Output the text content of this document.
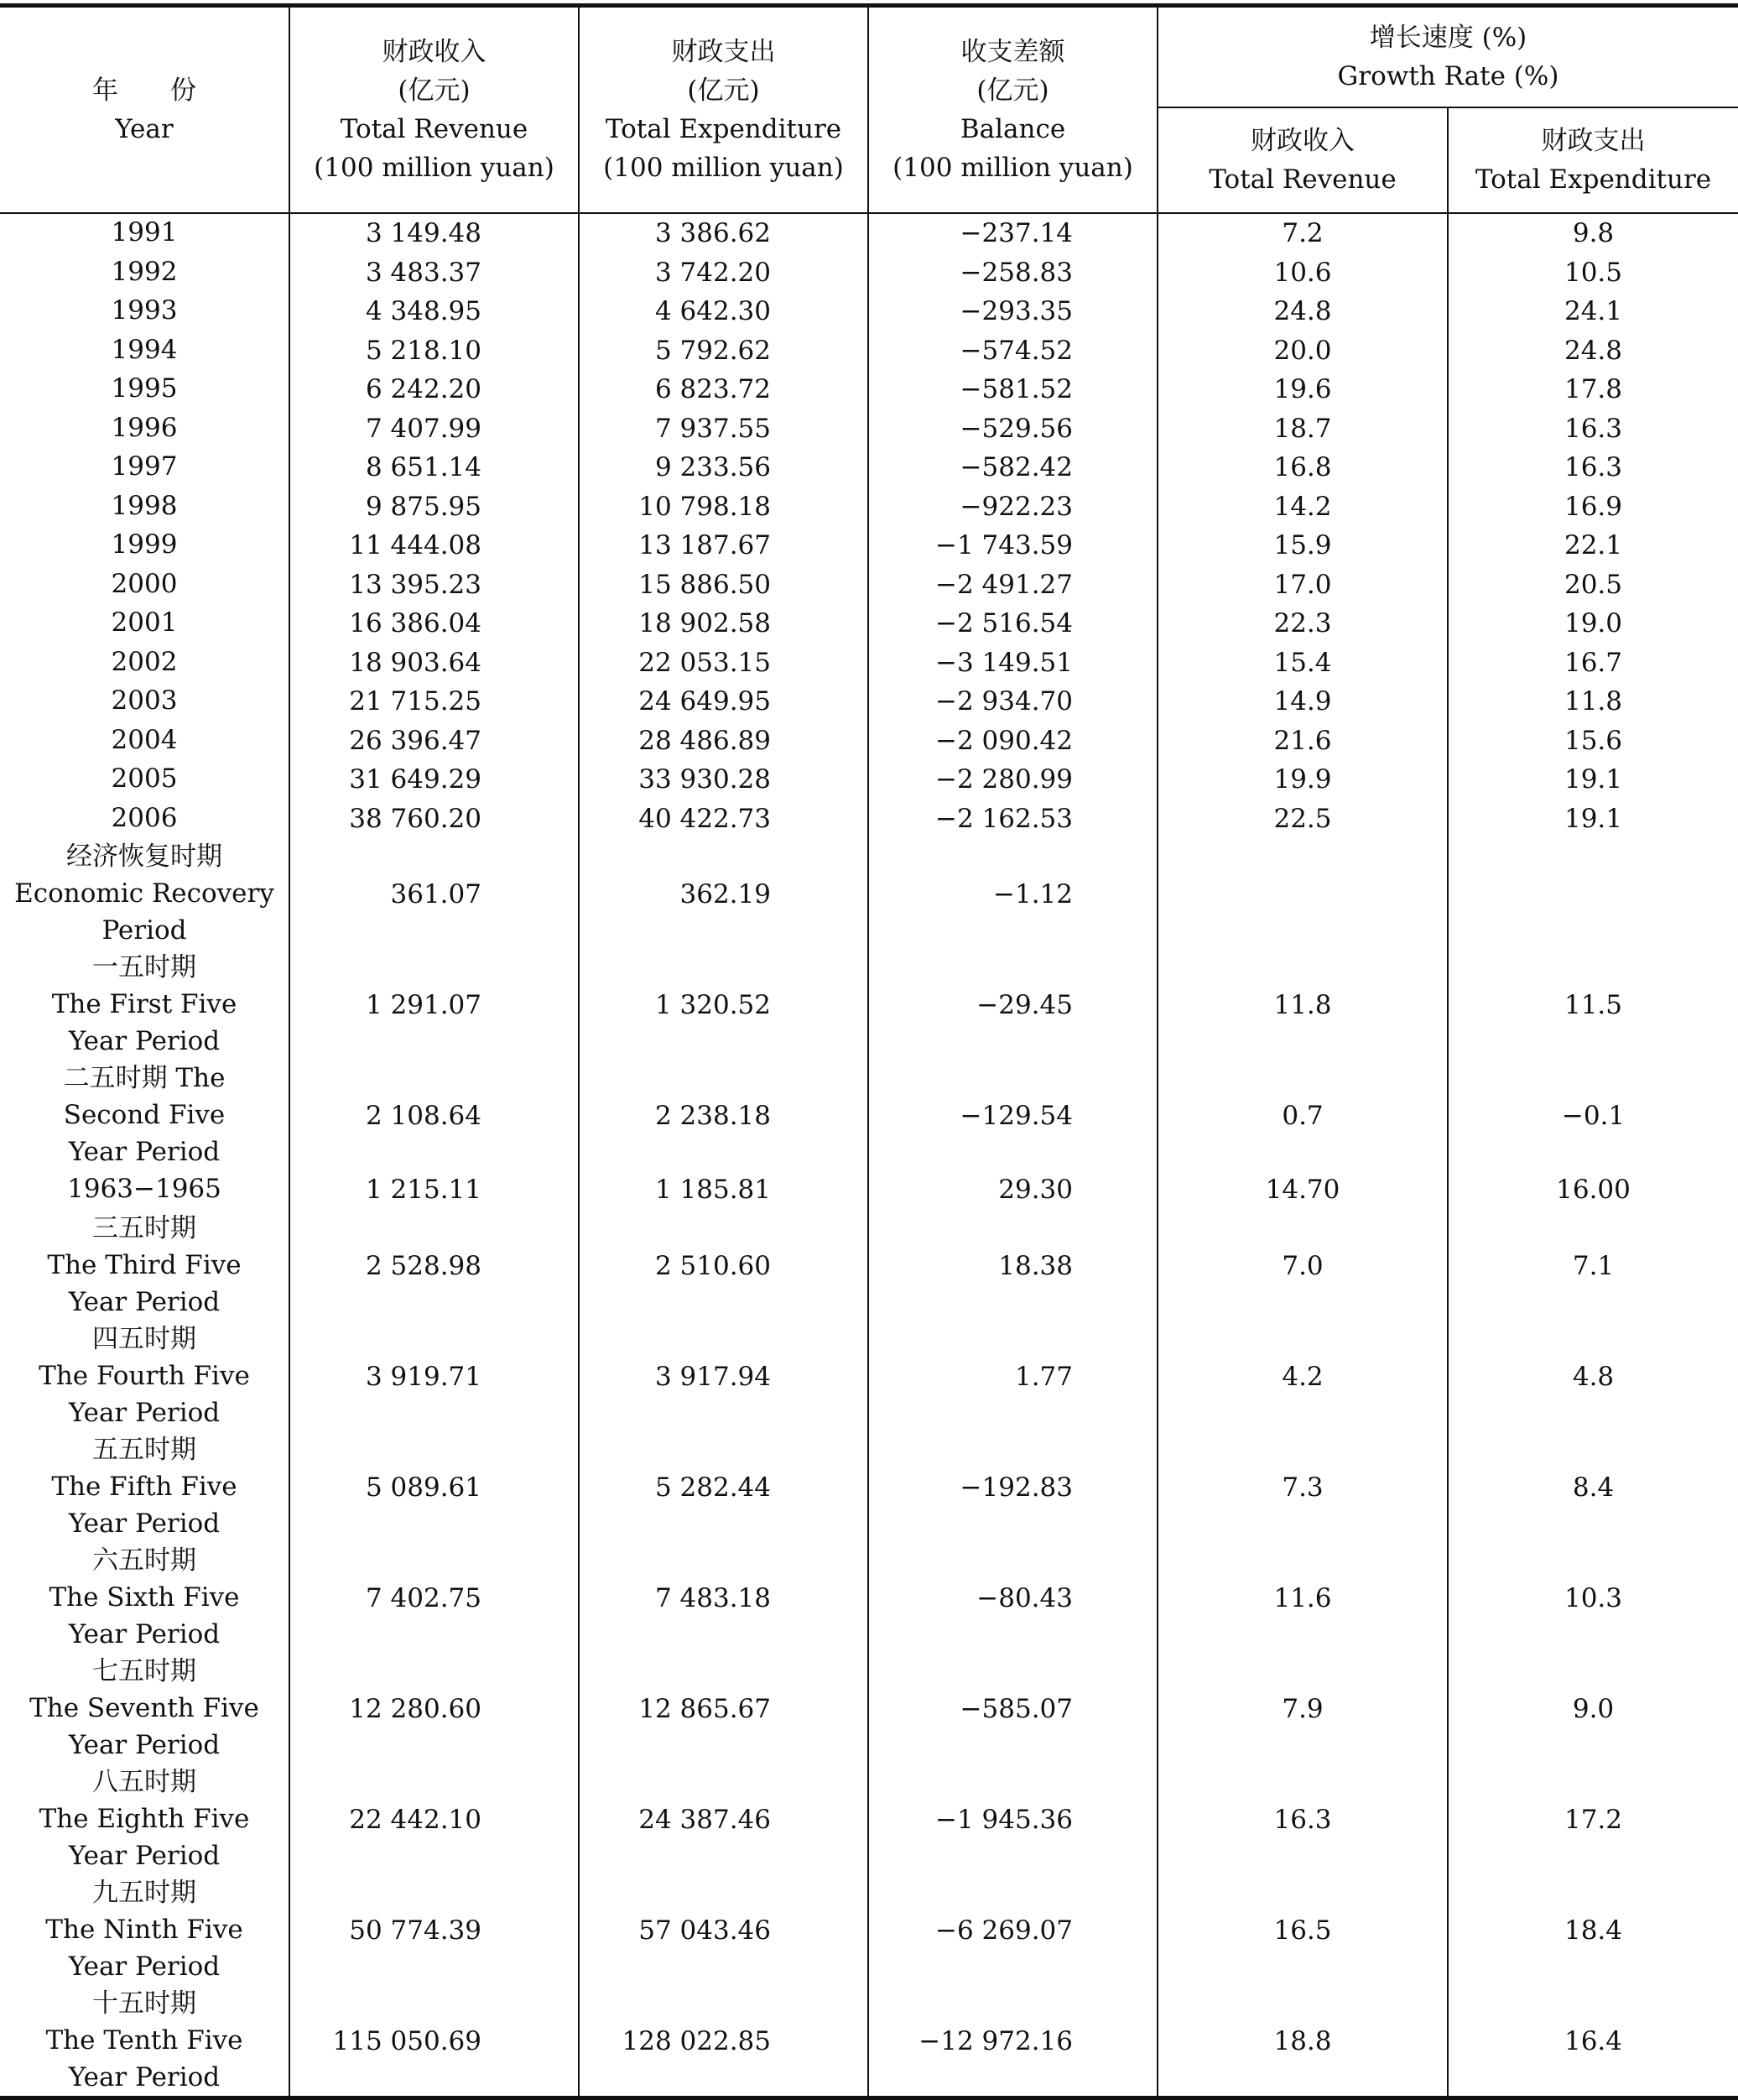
年　　份
Year	财政收入
(亿元)
Total Revenue
(100 million yuan)	财政支出
(亿元)
Total Expenditure
(100 million yuan)	收支差额
(亿元)
Balance
(100 million yuan)	增长速度 (%)
Growth Rate (%)	

				财政收入
Total Revenue	财政支出
Total Expenditure

1991	3 149.48	3 386.62	−237.14	7.2	9.8

1992	3 483.37	3 742.20	−258.83	10.6	10.5

1993	4 348.95	4 642.30	−293.35	24.8	24.1

1994	5 218.10	5 792.62	−574.52	20.0	24.8

1995	6 242.20	6 823.72	−581.52	19.6	17.8

1996	7 407.99	7 937.55	−529.56	18.7	16.3

1997	8 651.14	9 233.56	−582.42	16.8	16.3

1998	9 875.95	10 798.18	−922.23	14.2	16.9

1999	11 444.08	13 187.67	−1 743.59	15.9	22.1

2000	13 395.23	15 886.50	−2 491.27	17.0	20.5

2001	16 386.04	18 902.58	−2 516.54	22.3	19.0

2002	18 903.64	22 053.15	−3 149.51	15.4	16.7

2003	21 715.25	24 649.95	−2 934.70	14.9	11.8

2004	26 396.47	28 486.89	−2 090.42	21.6	15.6

2005	31 649.29	33 930.28	−2 280.99	19.9	19.1

2006	38 760.20	40 422.73	−2 162.53	22.5	19.1

经济恢复时期
Economic Recovery
Period	361.07	362.19	−1.12		

一五时期
The First Five
Year Period	1 291.07	1 320.52	−29.45	11.8	11.5

二五时期 The
Second Five
Year Period	2 108.64	2 238.18	−129.54	0.7	−0.1

1963−1965	1 215.11	1 185.81	29.30	14.70	16.00

三五时期
The Third Five
Year Period	2 528.98	2 510.60	18.38	7.0	7.1

四五时期
The Fourth Five
Year Period	3 919.71	3 917.94	1.77	4.2	4.8

五五时期
The Fifth Five
Year Period	5 089.61	5 282.44	−192.83	7.3	8.4

六五时期
The Sixth Five
Year Period	7 402.75	7 483.18	−80.43	11.6	10.3

七五时期
The Seventh Five
Year Period	12 280.60	12 865.67	−585.07	7.9	9.0

八五时期
The Eighth Five
Year Period	22 442.10	24 387.46	−1 945.36	16.3	17.2

九五时期
The Ninth Five
Year Period	50 774.39	57 043.46	−6 269.07	16.5	18.4

十五时期
The Tenth Five
Year Period	115 050.69	128 022.85	−12 972.16	18.8	16.4
